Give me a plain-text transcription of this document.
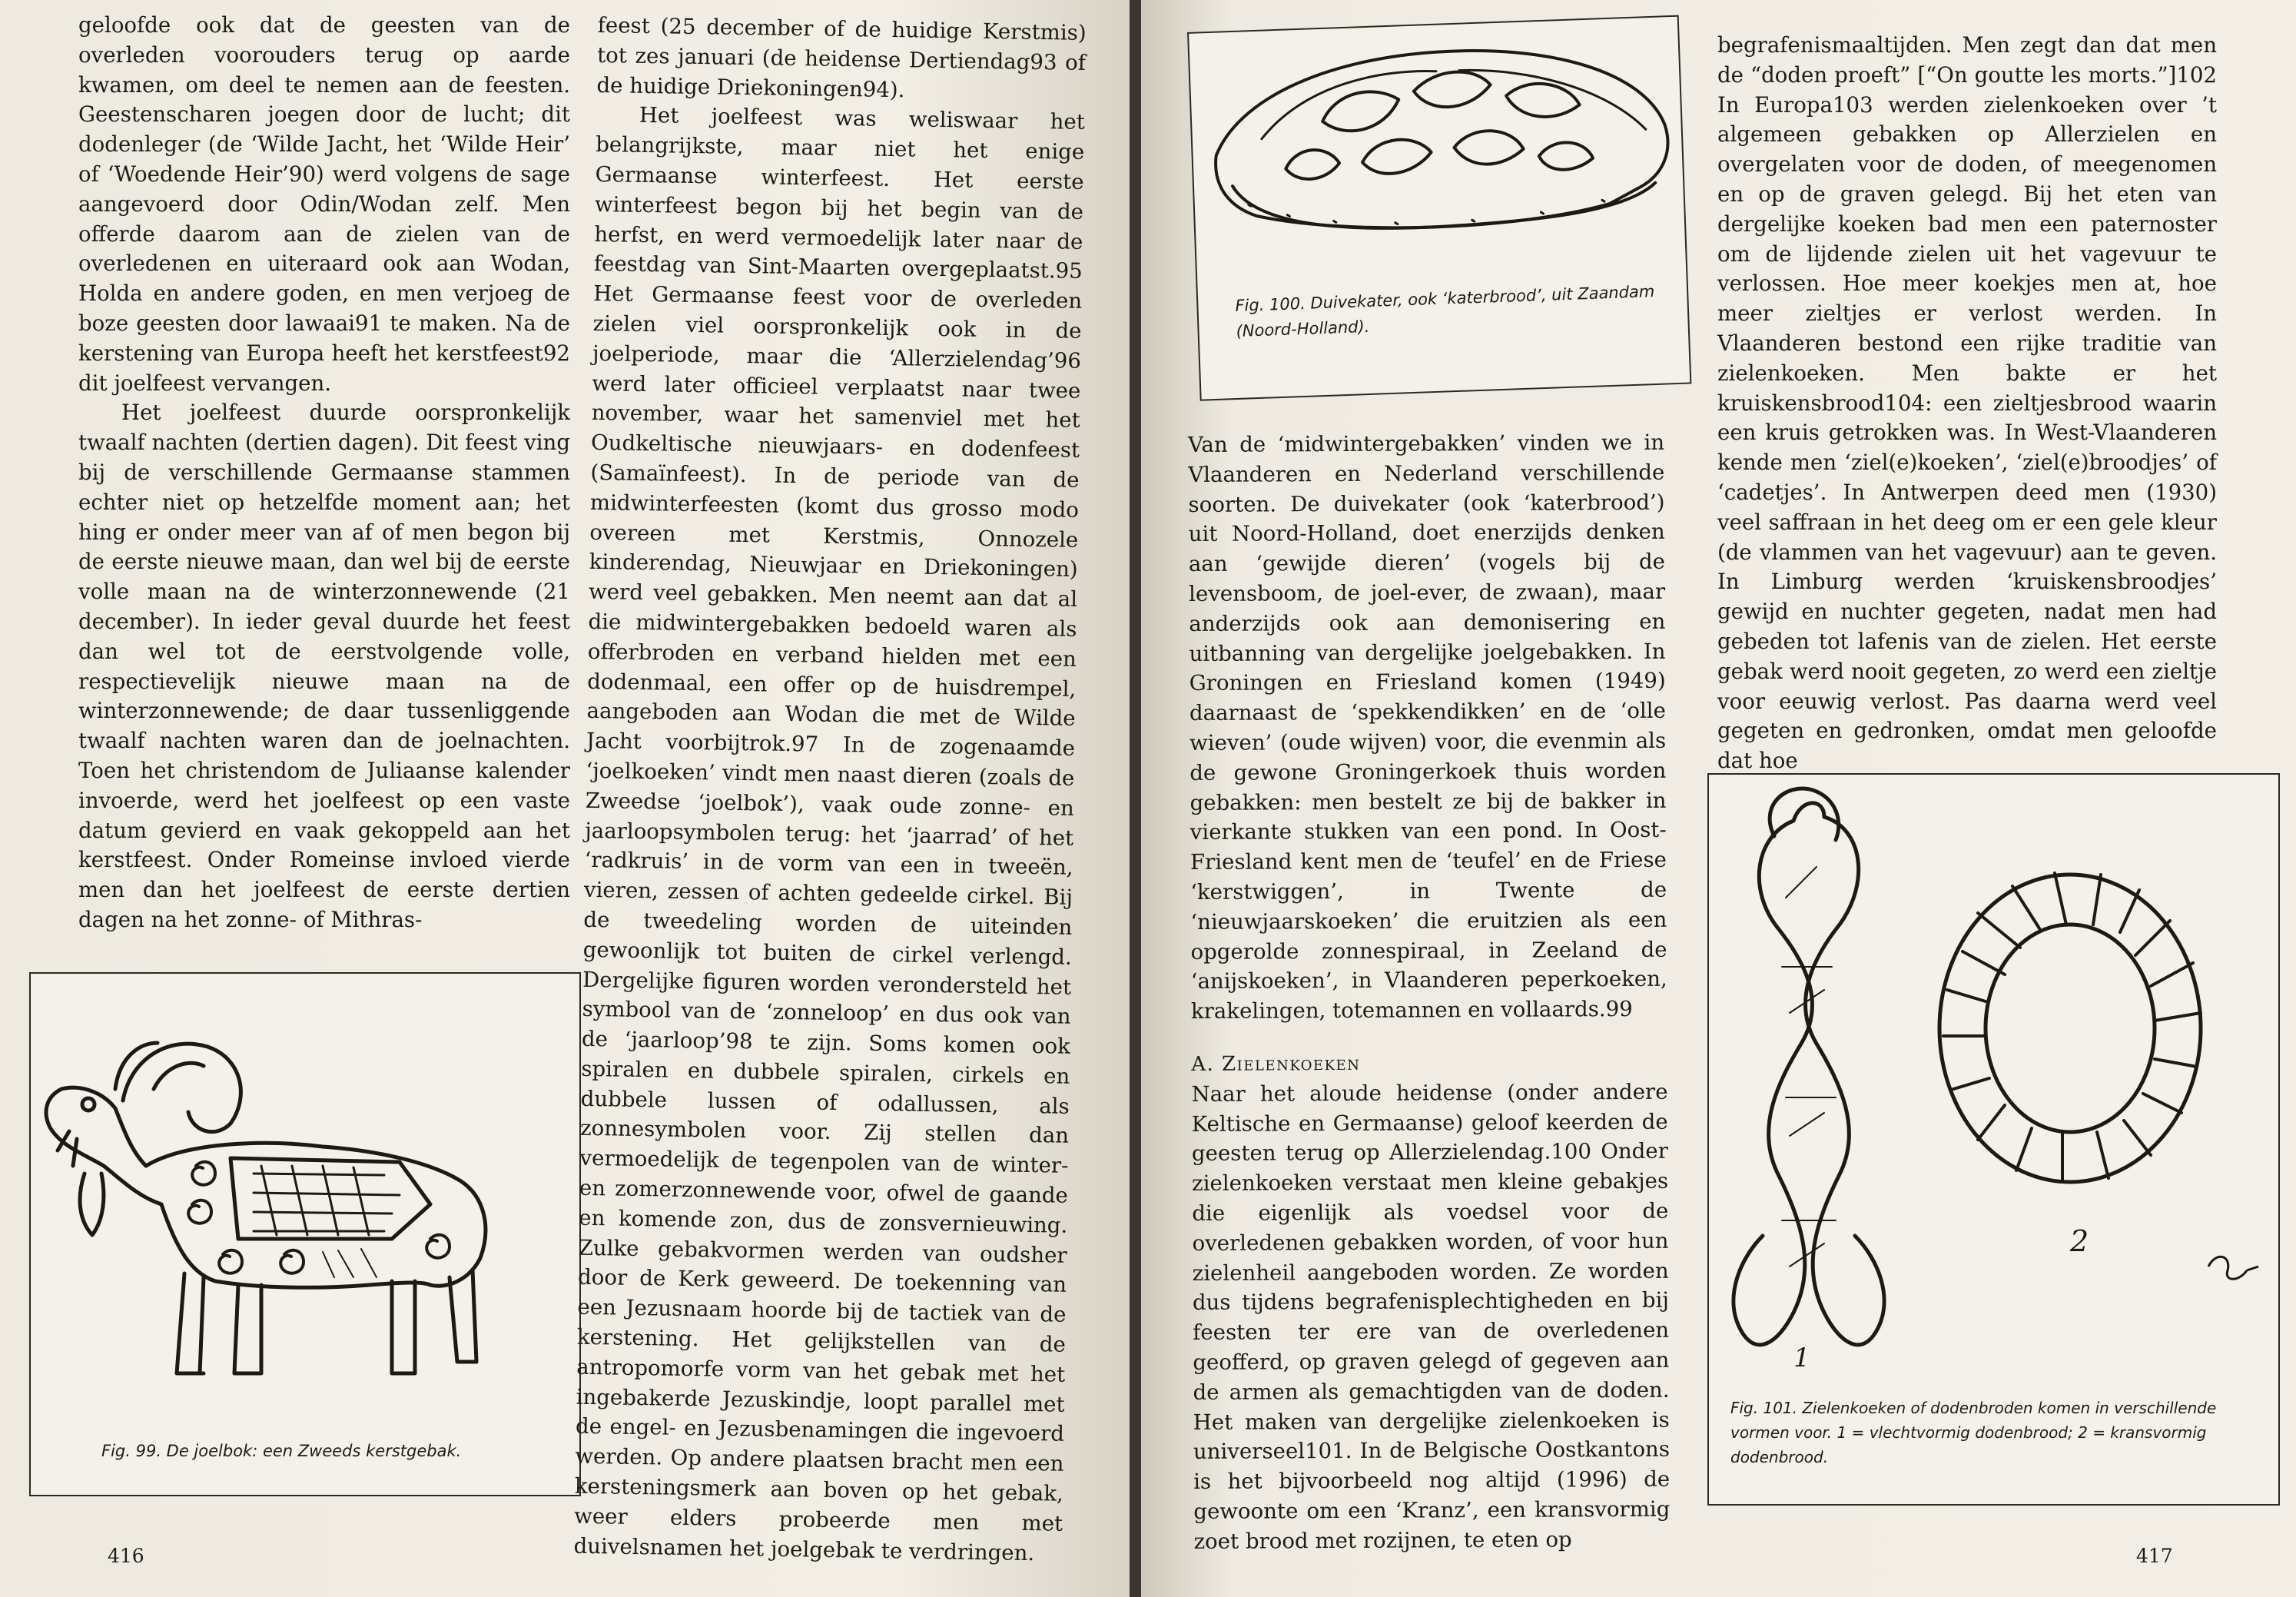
geloofde ook dat de geesten van de overleden voorouders terug op aarde kwamen, om deel te nemen aan de feesten. Geestenscharen joegen door de lucht; dit dodenleger (de ‘Wilde Jacht, het ‘Wilde Heir’ of ‘Woedende Heir’90) werd volgens de sage aangevoerd door Odin/Wodan zelf. Men offerde daarom aan de zielen van de overledenen en uiteraard ook aan Wodan, Holda en andere goden, en men verjoeg de boze geesten door lawaai91 te maken. Na de kerstening van Europa heeft het kerstfeest92 dit joelfeest vervangen.

Het joelfeest duurde oorspronkelijk twaalf nachten (dertien dagen). Dit feest ving bij de verschillende Germaanse stammen echter niet op hetzelfde moment aan; het hing er onder meer van af of men begon bij de eerste nieuwe maan, dan wel bij de eerste volle maan na de winterzonnewende (21 december). In ieder geval duurde het feest dan wel tot de eerstvolgende volle, respectievelijk nieuwe maan na de winterzonnewende; de daar tussenliggende twaalf nachten waren dan de joelnachten. Toen het christendom de Juliaanse kalender invoerde, werd het joelfeest op een vaste datum gevierd en vaak gekoppeld aan het kerstfeest. Onder Romeinse invloed vierde men dan het joelfeest de eerste dertien dagen na het zonne- of Mithras-

Fig. 99. De joelbok: een Zweeds kerstgebak.

feest (25 december of de huidige Kerstmis) tot zes januari (de heidense Dertiendag93 of de huidige Driekoningen94).

Het joelfeest was weliswaar het belangrijkste, maar niet het enige Germaanse winterfeest. Het eerste winterfeest begon bij het begin van de herfst, en werd vermoedelijk later naar de feestdag van Sint-Maarten overgeplaatst.95 Het Germaanse feest voor de overleden zielen viel oorspronkelijk ook in de joelperiode, maar die ‘Allerzielendag’96 werd later officieel verplaatst naar twee november, waar het samenviel met het Oudkeltische nieuwjaars- en dodenfeest (Samaïnfeest). In de periode van de midwinterfeesten (komt dus grosso modo overeen met Kerstmis, Onnozele kinderendag, Nieuwjaar en Driekoningen) werd veel gebakken. Men neemt aan dat al die midwintergebakken bedoeld waren als offerbroden en verband hielden met een dodenmaal, een offer op de huisdrempel, aangeboden aan Wodan die met de Wilde Jacht voorbijtrok.97 In de zogenaamde ‘joelkoeken’ vindt men naast dieren (zoals de Zweedse ‘joelbok’), vaak oude zonne- en jaarloopsymbolen terug: het ‘jaarrad’ of het ‘radkruis’ in de vorm van een in tweeën, vieren, zessen of achten gedeelde cirkel. Bij de tweedeling worden de uiteinden gewoonlijk tot buiten de cirkel verlengd. Dergelijke figuren worden verondersteld het symbool van de ‘zonneloop’ en dus ook van de ‘jaarloop’98 te zijn. Soms komen ook spiralen en dubbele spiralen, cirkels en dubbele lussen of odallussen, als zonnesymbolen voor. Zij stellen dan vermoedelijk de tegenpolen van de winter- en zomerzonnewende voor, ofwel de gaande en komende zon, dus de zonsvernieuwing. Zulke gebakvormen werden van oudsher door de Kerk geweerd. De toekenning van een Jezusnaam hoorde bij de tactiek van de kerstening. Het gelijkstellen van de antropomorfe vorm van het gebak met het ingebakerde Jezuskindje, loopt parallel met de engel- en Jezusbenamingen die ingevoerd werden. Op andere plaatsen bracht men een kersteningsmerk aan boven op het gebak, weer elders probeerde men met duivelsnamen het joelgebak te verdringen.

416
Fig. 100. Duivekater, ook ‘katerbrood’, uit Zaandam (Noord-Holland).

Van de ‘midwintergebakken’ vinden we in Vlaanderen en Nederland verschillende soorten. De duivekater (ook ‘katerbrood’) uit Noord-Holland, doet enerzijds denken aan ‘gewijde dieren’ (vogels bij de levensboom, de joel-ever, de zwaan), maar anderzijds ook aan demonisering en uitbanning van dergelijke joelgebakken. In Groningen en Friesland komen (1949) daarnaast de ‘spekkendikken’ en de ‘olle wieven’ (oude wijven) voor, die evenmin als de gewone Groningerkoek thuis worden gebakken: men bestelt ze bij de bakker in vierkante stukken van een pond. In Oost-Friesland kent men de ‘teufel’ en de Friese ‘kerstwiggen’, in Twente de ‘nieuwjaarskoeken’ die eruitzien als een opgerolde zonnespiraal, in Zeeland de ‘anijskoeken’, in Vlaanderen peperkoeken, krakelingen, totemannen en vollaards.99

A. Zielenkoeken

Naar het aloude heidense (onder andere Keltische en Germaanse) geloof keerden de geesten terug op Allerzielendag.100 Onder zielenkoeken verstaat men kleine gebakjes die eigenlijk als voedsel voor de overledenen gebakken worden, of voor hun zielenheil aangeboden worden. Ze worden dus tijdens begrafenisplechtigheden en bij feesten ter ere van de overledenen geofferd, op graven gelegd of gegeven aan de armen als gemachtigden van de doden. Het maken van dergelijke zielenkoeken is universeel101. In de Belgische Oostkantons is het bijvoorbeeld nog altijd (1996) de gewoonte om een ‘Kranz’, een kransvormig zoet brood met rozijnen, te eten op

begrafenismaaltijden. Men zegt dan dat men de “doden proeft” [“On goutte les morts.”]102 In Europa103 werden zielenkoeken over ’t algemeen gebakken op Allerzielen en overgelaten voor de doden, of meegenomen en op de graven gelegd. Bij het eten van dergelijke koeken bad men een paternoster om de lijdende zielen uit het vagevuur te verlossen. Hoe meer koekjes men at, hoe meer zieltjes er verlost werden. In Vlaanderen bestond een rijke traditie van zielenkoeken. Men bakte er het kruiskensbrood104: een zieltjesbrood waarin een kruis getrokken was. In West-Vlaanderen kende men ‘ziel(e)koeken’, ‘ziel(e)broodjes’ of ‘cadetjes’. In Antwerpen deed men (1930) veel saffraan in het deeg om er een gele kleur (de vlammen van het vagevuur) aan te geven. In Limburg werden ‘kruiskensbroodjes’ gewijd en nuchter gegeten, nadat men had gebeden tot lafenis van de zielen. Het eerste gebak werd nooit gegeten, zo werd een zieltje voor eeuwig verlost. Pas daarna werd veel gegeten en gedronken, omdat men geloofde dat hoe

1
2
Fig. 101. Zielenkoeken of dodenbroden komen in verschillende vormen voor. 1 = vlechtvormig dodenbrood; 2 = kransvormig dodenbrood.
417
